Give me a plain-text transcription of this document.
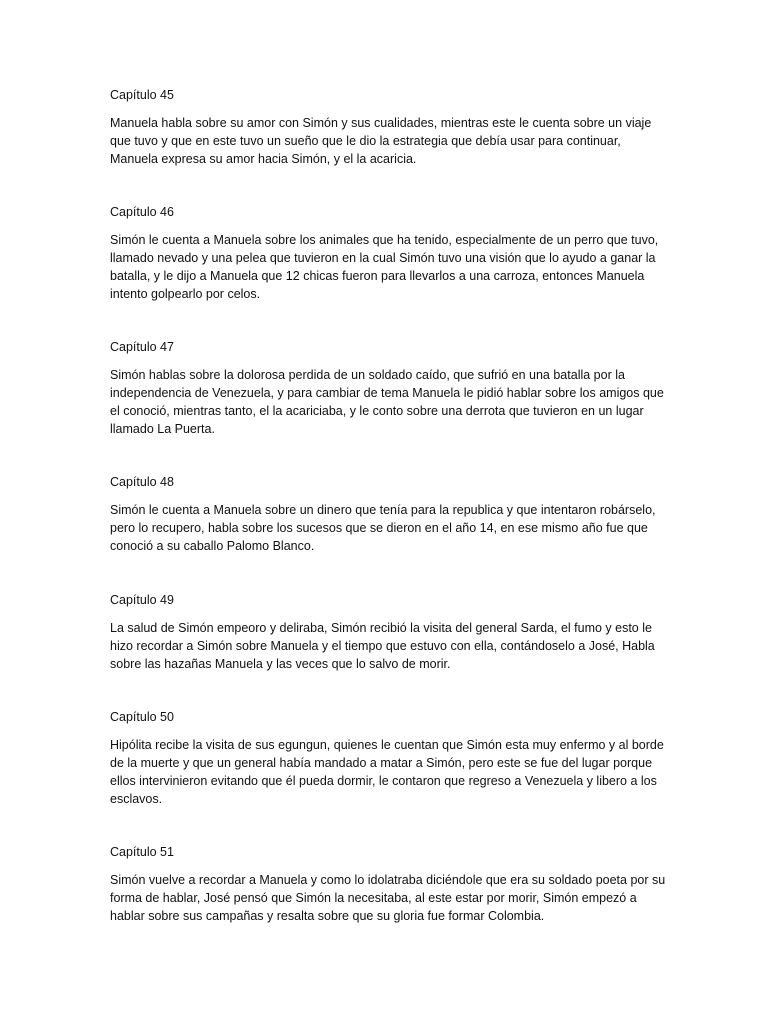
Capítulo 45

Manuela habla sobre su amor con Simón y sus cualidades, mientras este le cuenta sobre un viaje que tuvo y que en este tuvo un sueño que le dio la estrategia que debía usar para continuar, Manuela expresa su amor hacia Simón, y el la acaricia.

Capítulo 46

Simón le cuenta a Manuela sobre los animales que ha tenido, especialmente de un perro que tuvo, llamado nevado y una pelea que tuvieron en la cual Simón tuvo una visión que lo ayudo a ganar la batalla, y le dijo a Manuela que 12 chicas fueron para llevarlos a una carroza, entonces Manuela intento golpearlo por celos.

Capítulo 47

Simón hablas sobre la dolorosa perdida de un soldado caído, que sufrió en una batalla por la independencia de Venezuela, y para cambiar de tema Manuela le pidió hablar sobre los amigos que el conoció, mientras tanto, el la acariciaba, y le conto sobre una derrota que tuvieron en un lugar llamado La Puerta.

Capítulo 48

Simón le cuenta a Manuela sobre un dinero que tenía para la republica y que intentaron robárselo, pero lo recupero, habla sobre los sucesos que se dieron en el año 14, en ese mismo año fue que conoció a su caballo Palomo Blanco.

Capítulo 49

La salud de Simón empeoro y deliraba, Simón recibió la visita del general Sarda, el fumo y esto le hizo recordar a Simón sobre Manuela y el tiempo que estuvo con ella, contándoselo a José, Habla sobre las hazañas Manuela y las veces que lo salvo de morir.

Capítulo 50

Hipólita recibe la visita de sus egungun, quienes le cuentan que Simón esta muy enfermo y al borde de la muerte y que un general había mandado a matar a Simón, pero este se fue del lugar porque ellos intervinieron evitando que él pueda dormir, le contaron que regreso a Venezuela y libero a los esclavos.

Capítulo 51

Simón vuelve a recordar a Manuela y como lo idolatraba diciéndole que era su soldado poeta por su forma de hablar, José pensó que Simón la necesitaba, al este estar por morir, Simón empezó a hablar sobre sus campañas y resalta sobre que su gloria fue formar Colombia.
